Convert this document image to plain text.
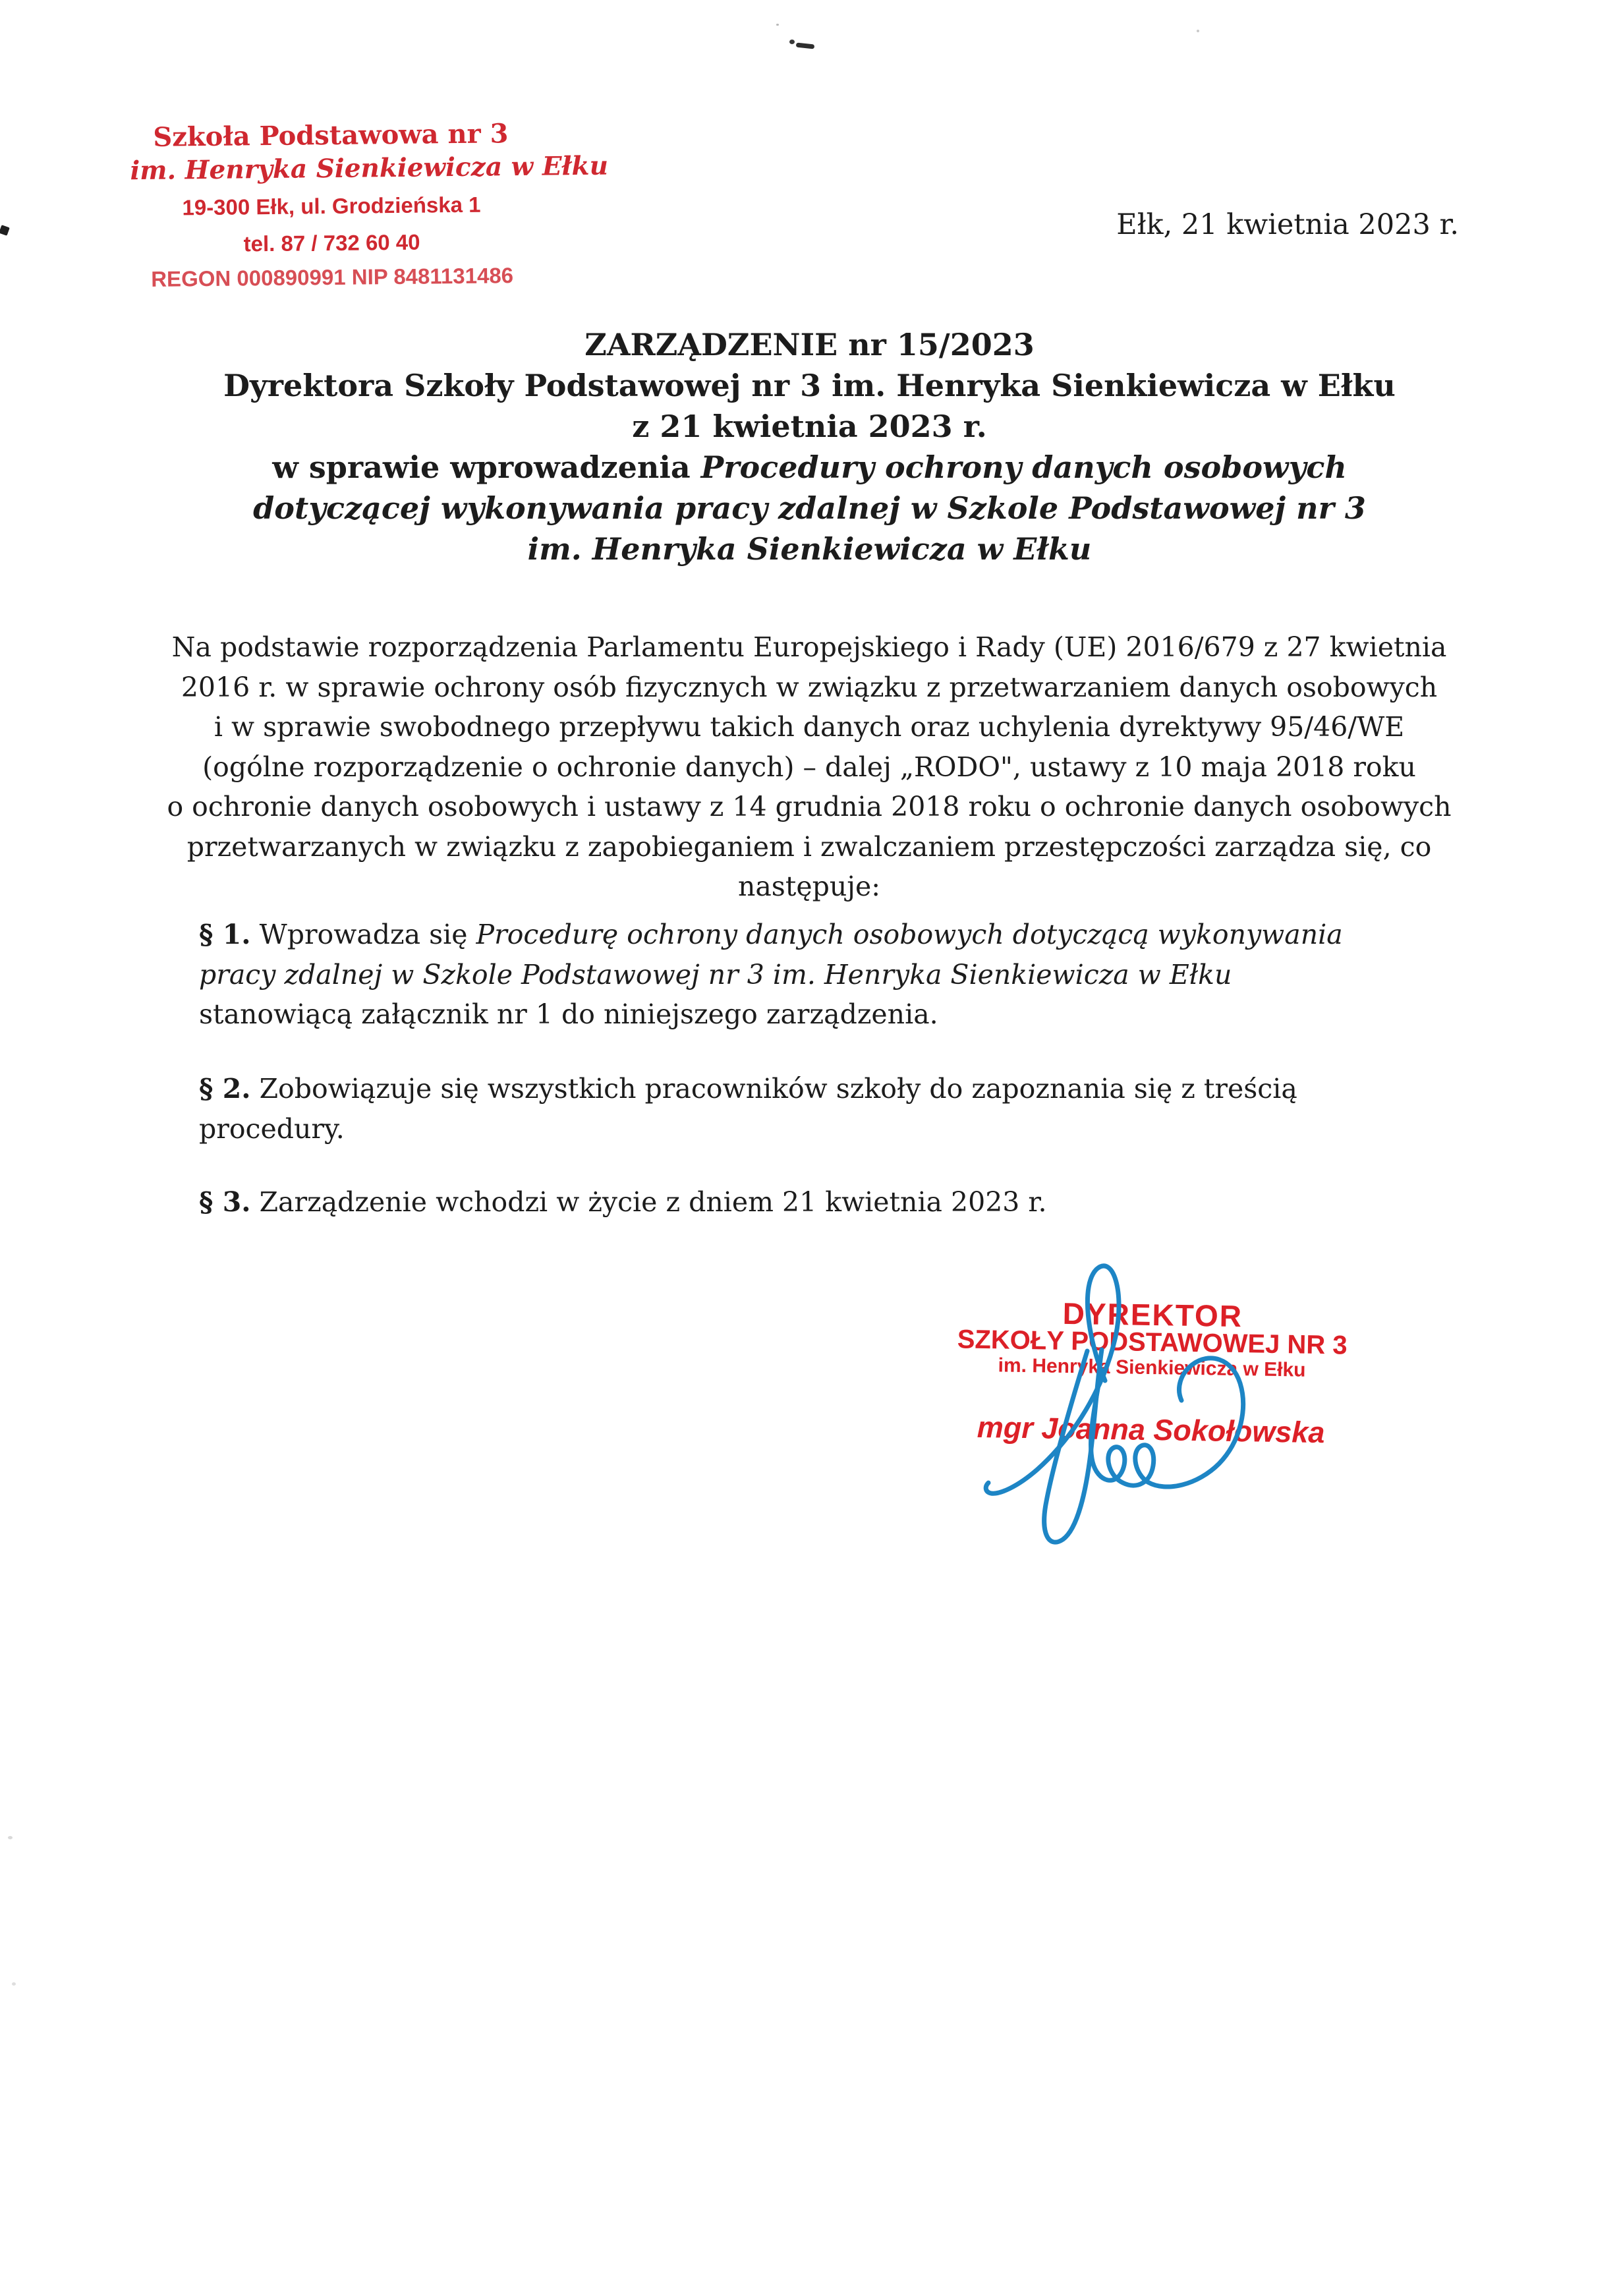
Szkoła Podstawowa nr 3
im. Henryka Sienkiewicza w Ełku
19-300 Ełk, ul. Grodzieńska 1
tel. 87 / 732 60 40
REGON 000890991 NIP 8481131486
Ełk, 21 kwietnia 2023 r.
ZARZĄDZENIE nr 15/2023
Dyrektora Szkoły Podstawowej nr 3 im. Henryka Sienkiewicza w Ełku
z 21 kwietnia 2023 r.
w sprawie wprowadzenia Procedury ochrony danych osobowych
dotyczącej wykonywania pracy zdalnej w Szkole Podstawowej nr 3
im. Henryka Sienkiewicza w Ełku
Na podstawie rozporządzenia Parlamentu Europejskiego i Rady (UE) 2016/679 z 27 kwietnia
2016 r. w sprawie ochrony osób fizycznych w związku z przetwarzaniem danych osobowych
i w sprawie swobodnego przepływu takich danych oraz uchylenia dyrektywy 95/46/WE
(ogólne rozporządzenie o ochronie danych) – dalej „RODO", ustawy z 10 maja 2018 roku
o ochronie danych osobowych i ustawy z 14 grudnia 2018 roku o ochronie danych osobowych
przetwarzanych w związku z zapobieganiem i zwalczaniem przestępczości zarządza się, co
następuje:
§ 1. Wprowadza się Procedurę ochrony danych osobowych dotyczącą wykonywania
pracy zdalnej w Szkole Podstawowej nr 3 im. Henryka Sienkiewicza w Ełku
stanowiącą załącznik nr 1 do niniejszego zarządzenia.
§ 2. Zobowiązuje się wszystkich pracowników szkoły do zapoznania się z treścią
procedury.
§ 3. Zarządzenie wchodzi w życie z dniem 21 kwietnia 2023 r.
DYREKTOR
SZKOŁY PODSTAWOWEJ NR 3
im. Henryka Sienkiewicza w Ełku
mgr Joanna Sokołowska
